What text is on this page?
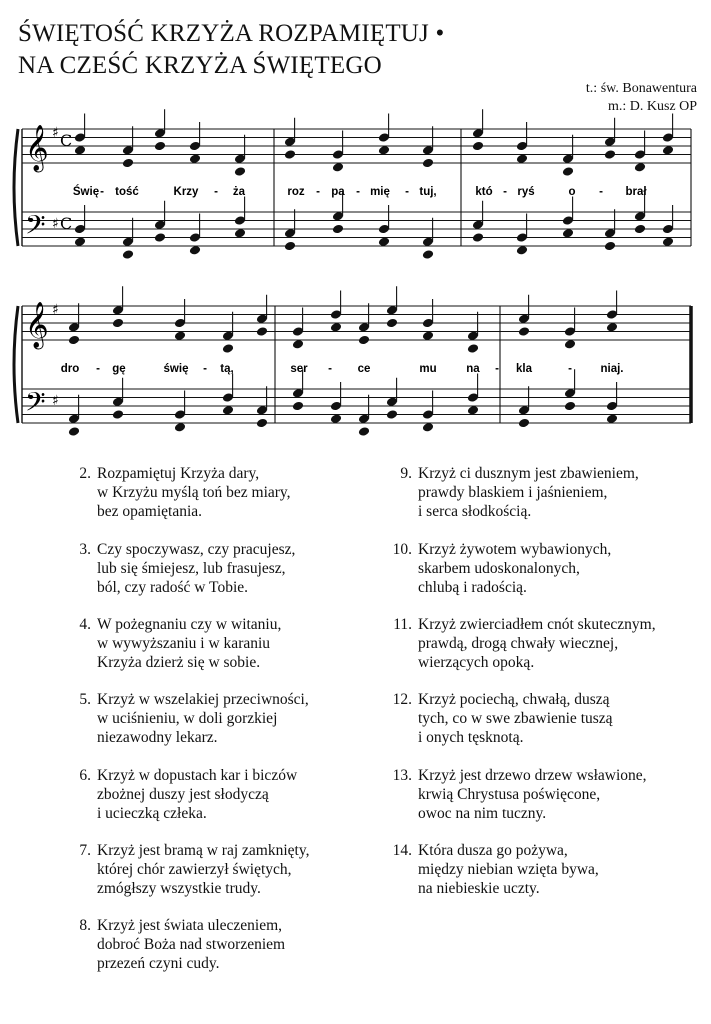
ŚWIĘTOŚĆ KRZYŻA ROZPAMIĘTUJ •
NA CZEŚĆ KRZYŻA ŚWIĘTEGO
t.: św. Bonawentura
m.: D. Kusz OP
C
C
𝄞
𝄢
♯
♯
Świę - tość	Krzy - ża	roz - pa - mię - tuj,	któ - ryś	o - brał
𝄞
𝄢
♯
♯
dro - gę	świę - tą,	ser - ce	mu	na - kla	- niaj.
2. Rozpamiętuj Krzyża dary,
w Krzyżu myślą toń bez miary,
bez opamiętania.
3. Czy spoczywasz, czy pracujesz,
lub się śmiejesz, lub frasujesz,
ból, czy radość w Tobie.
4. W pożegnaniu czy w witaniu,
w wywyższaniu i w karaniu
Krzyża dzierż się w sobie.
5. Krzyż w wszelakiej przeciwności,
w uciśnieniu, w doli gorzkiej
niezawodny lekarz.
6. Krzyż w dopustach kar i biczów
zbożnej duszy jest słodyczą
i ucieczką człeka.
7. Krzyż jest bramą w raj zamknięty,
której chór zawierzył świętych,
zmógłszy wszystkie trudy.
8. Krzyż jest świata uleczeniem,
dobroć Boża nad stworzeniem
przezeń czyni cudy.
9. Krzyż ci dusznym jest zbawieniem,
prawdy blaskiem i jaśnieniem,
i serca słodkością.
10. Krzyż żywotem wybawionych,
skarbem udoskonalonych,
chlubą i radością.
11. Krzyż zwierciadłem cnót skutecznym,
prawdą, drogą chwały wiecznej,
wierzących opoką.
12. Krzyż pociechą, chwałą, duszą
tych, co w swe zbawienie tuszą
i onych tęsknotą.
13. Krzyż jest drzewo drzew wsławione,
krwią Chrystusa poświęcone,
owoc na nim tuczny.
14. Która dusza go pożywa,
między niebian wzięta bywa,
na niebieskie uczty.
